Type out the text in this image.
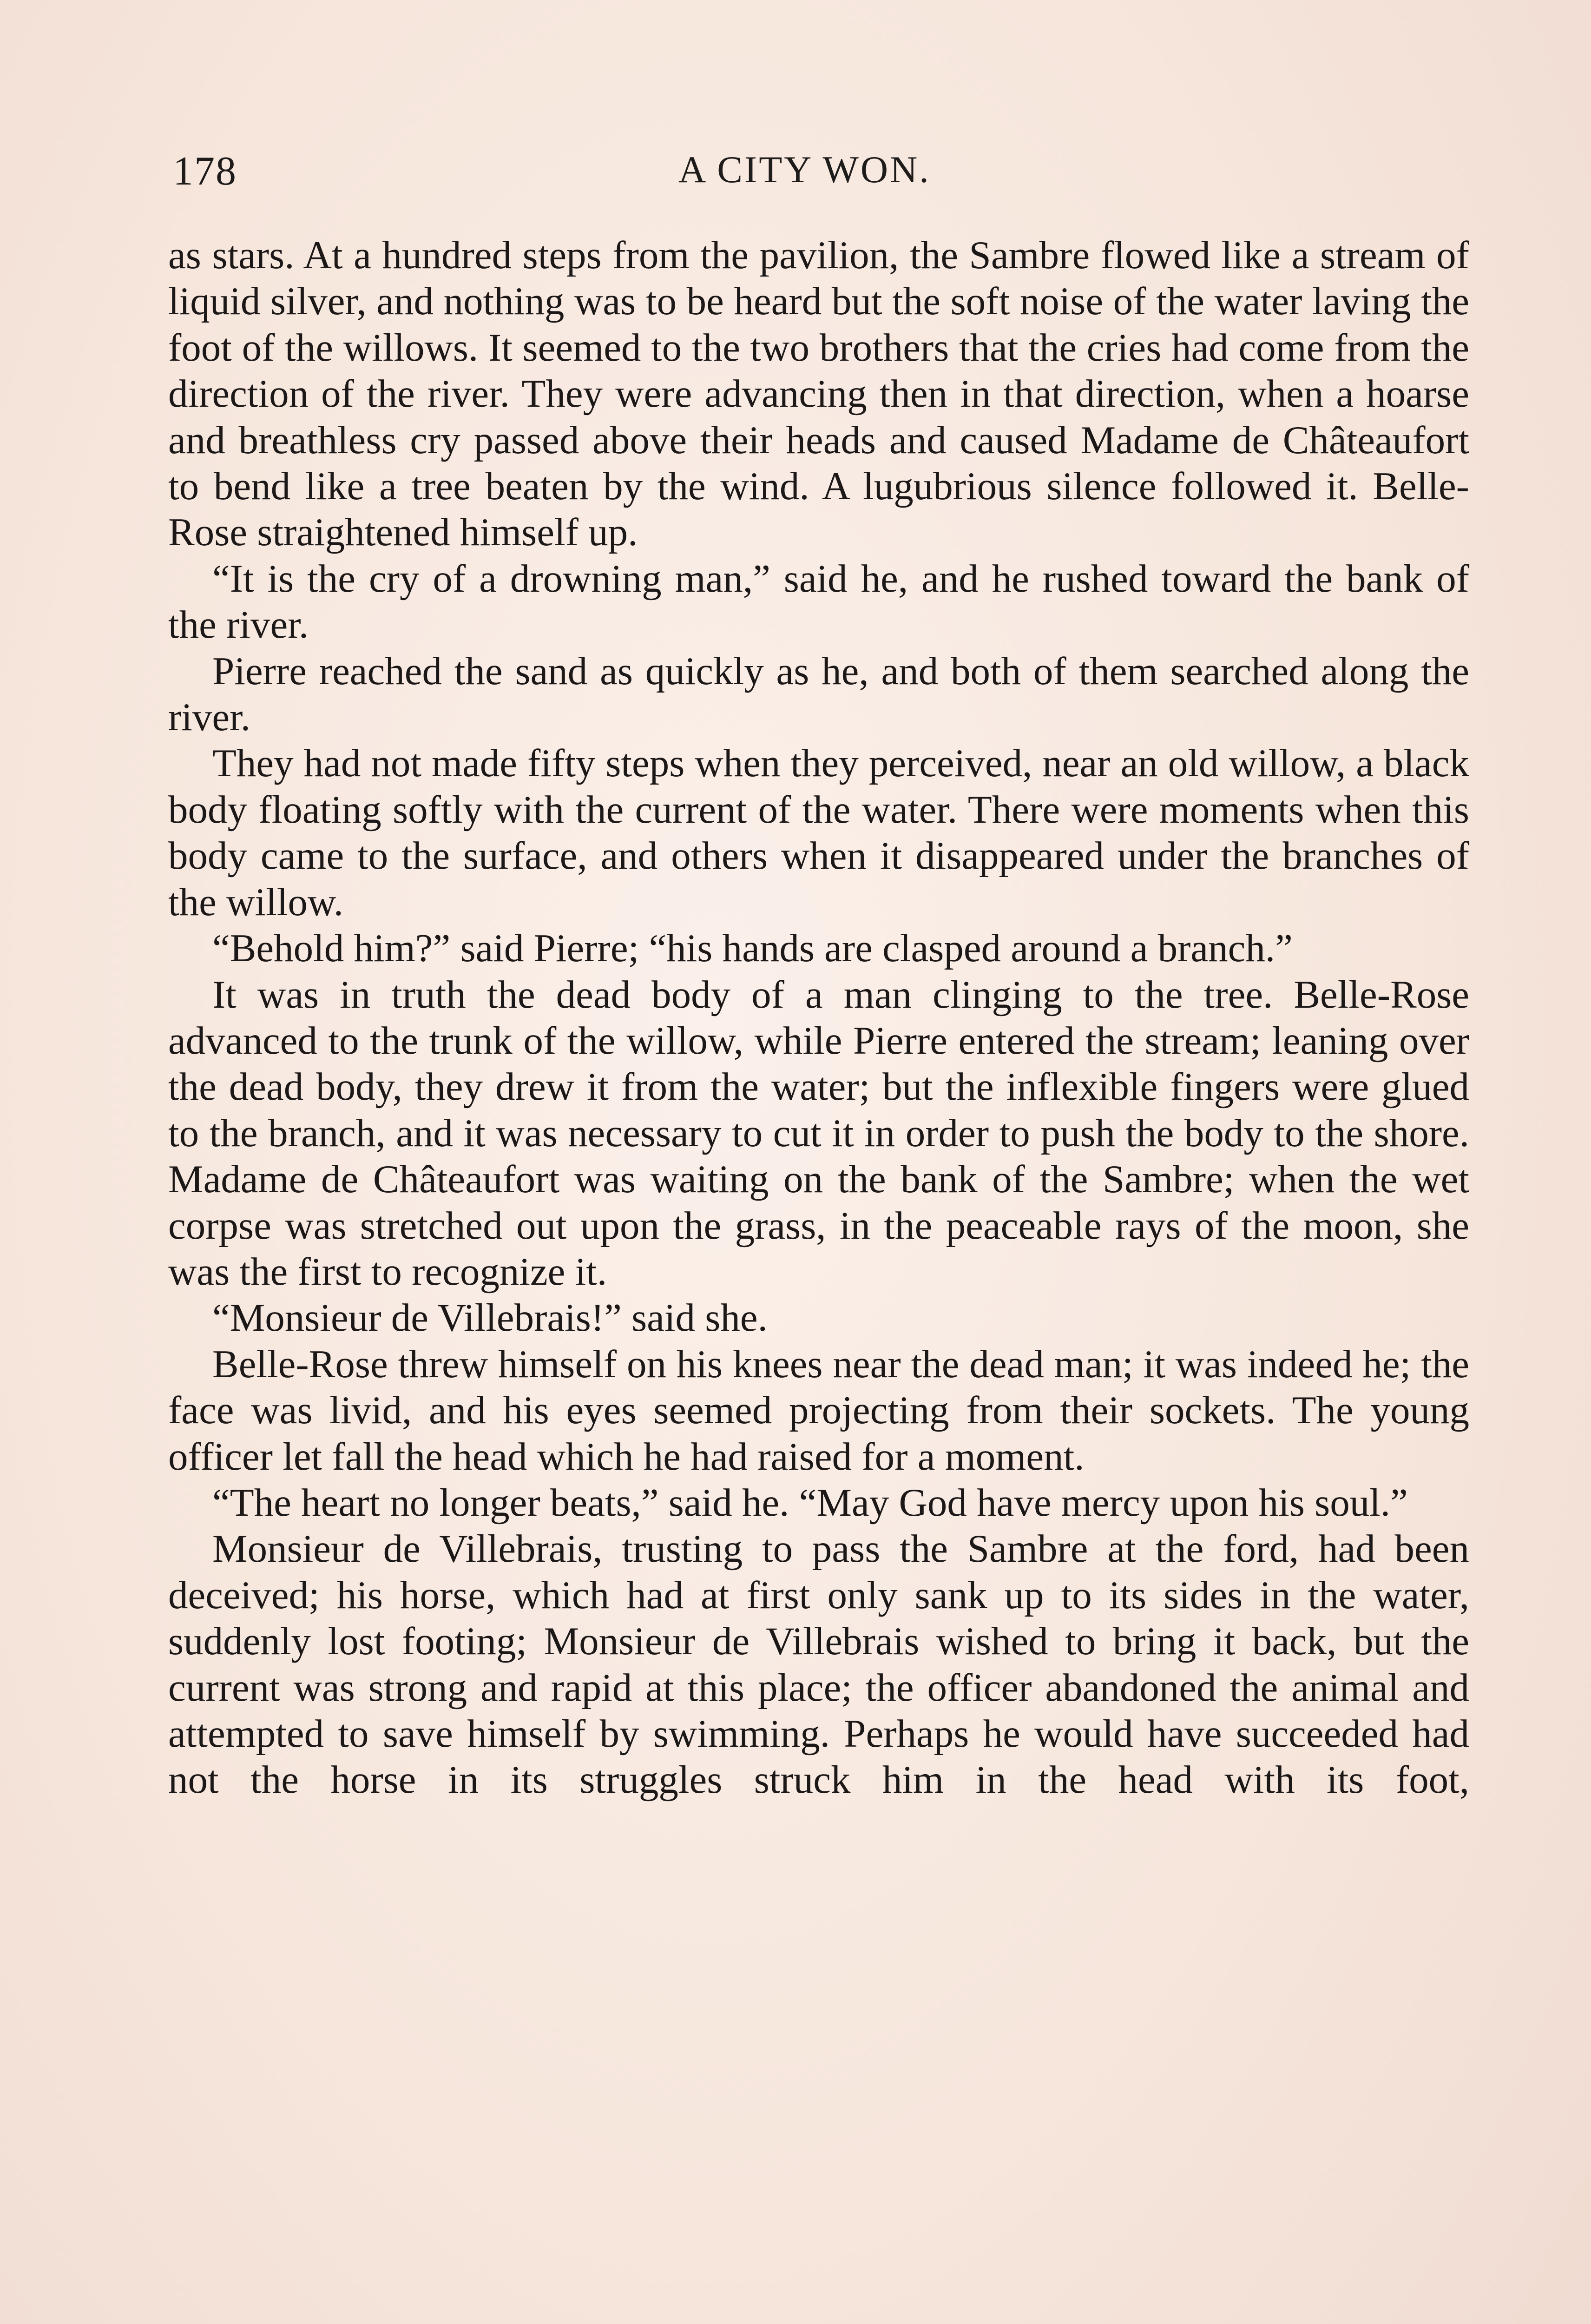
178	A CITY WON.

as stars. At a hundred steps from the pavilion, the Sambre flowed like a stream of liquid silver, and nothing was to be heard but the soft noise of the water laving the foot of the willows. It seemed to the two brothers that the cries had come from the direction of the river. They were advancing then in that direction, when a hoarse and breathless cry passed above their heads and caused Madame de Châteaufort to bend like a tree beaten by the wind. A lugubrious silence followed it. Belle-Rose straightened himself up.

“It is the cry of a drowning man,” said he, and he rushed toward the bank of the river.

Pierre reached the sand as quickly as he, and both of them searched along the river.

They had not made fifty steps when they perceived, near an old willow, a black body floating softly with the current of the water. There were moments when this body came to the surface, and others when it disappeared under the branches of the willow.

“Behold him?” said Pierre; “his hands are clasped around a branch.”

It was in truth the dead body of a man clinging to the tree. Belle-Rose advanced to the trunk of the willow, while Pierre entered the stream; leaning over the dead body, they drew it from the water; but the inflexible fingers were glued to the branch, and it was necessary to cut it in order to push the body to the shore. Madame de Châteaufort was waiting on the bank of the Sambre; when the wet corpse was stretched out upon the grass, in the peaceable rays of the moon, she was the first to recognize it.

“Monsieur de Villebrais!” said she.

Belle-Rose threw himself on his knees near the dead man; it was indeed he; the face was livid, and his eyes seemed projecting from their sockets. The young officer let fall the head which he had raised for a moment.

“The heart no longer beats,” said he. “May God have mercy upon his soul.”

Monsieur de Villebrais, trusting to pass the Sambre at the ford, had been deceived; his horse, which had at first only sank up to its sides in the water, suddenly lost footing; Monsieur de Villebrais wished to bring it back, but the current was strong and rapid at this place; the officer abandoned the animal and attempted to save himself by swimming. Perhaps he would have succeeded had not the horse in its struggles struck him in the head with its foot,
